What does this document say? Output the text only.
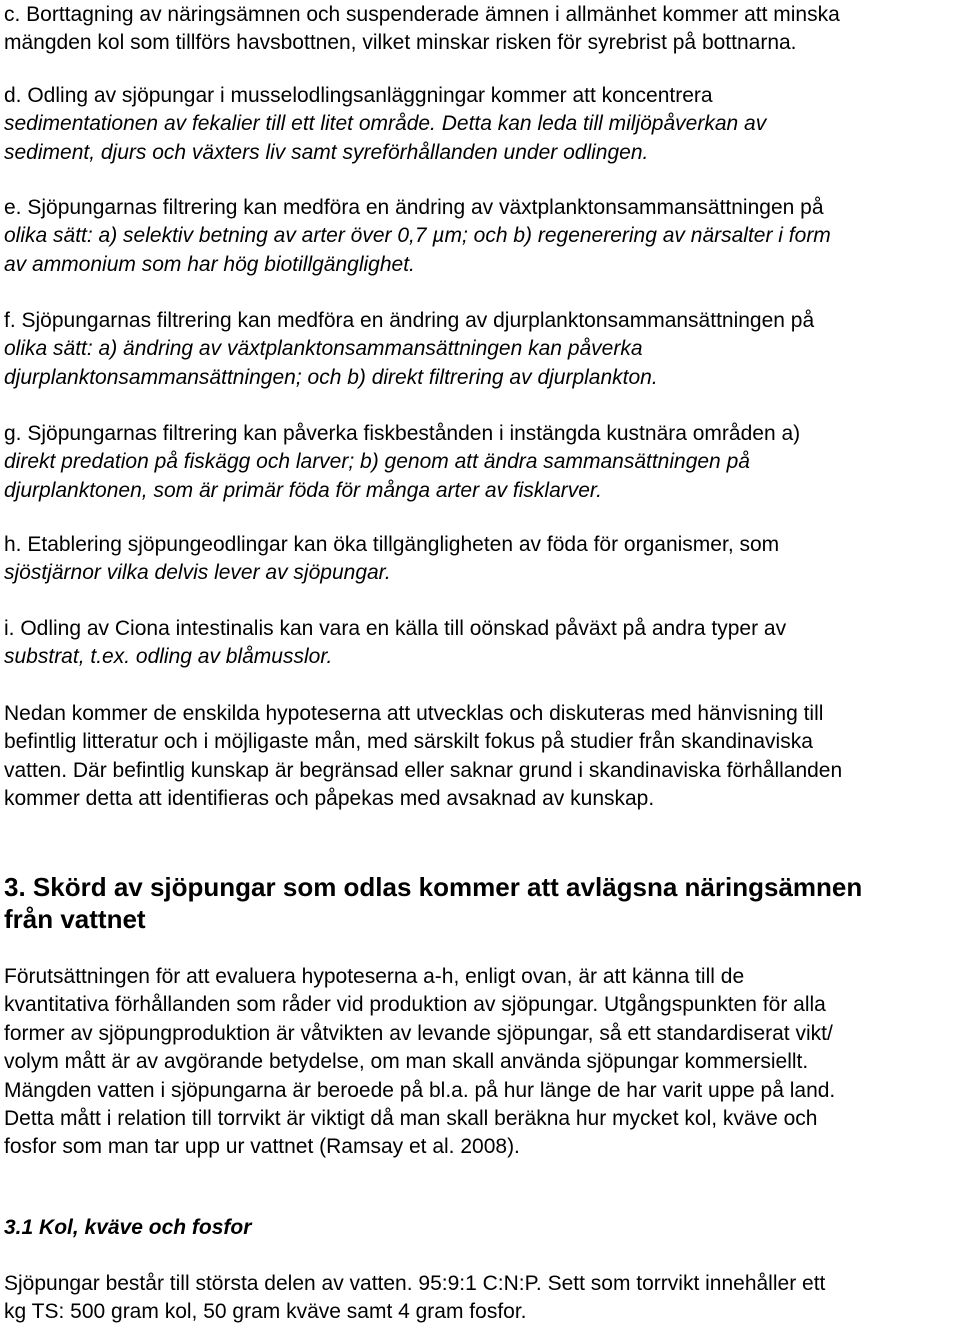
c. Borttagning av näringsämnen och suspenderade ämnen i allmänhet kommer att minska
mängden kol som tillförs havsbottnen, vilket minskar risken för syrebrist på bottnarna.
d. Odling av sjöpungar i musselodlingsanläggningar kommer att koncentrera
sedimentationen av fekalier till ett litet område. Detta kan leda till miljöpåverkan av
sediment, djurs och växters liv samt syreförhållanden under odlingen.
e. Sjöpungarnas filtrering kan medföra en ändring av växtplanktonsammansättningen på
olika sätt: a) selektiv betning av arter över 0,7 µm; och b) regenerering av närsalter i form
av ammonium som har hög biotillgänglighet.
f. Sjöpungarnas filtrering kan medföra en ändring av djurplanktonsammansättningen på
olika sätt: a) ändring av växtplanktonsammansättningen kan påverka
djurplanktonsammansättningen; och b) direkt filtrering av djurplankton.
g. Sjöpungarnas filtrering kan påverka fiskbestånden i instängda kustnära områden a)
direkt predation på fiskägg och larver; b) genom att ändra sammansättningen på
djurplanktonen, som är primär föda för många arter av fisklarver.
h. Etablering sjöpungeodlingar kan öka tillgängligheten av föda för organismer, som
sjöstjärnor vilka delvis lever av sjöpungar.
i. Odling av Ciona intestinalis kan vara en källa till oönskad påväxt på andra typer av
substrat, t.ex. odling av blåmusslor.
Nedan kommer de enskilda hypoteserna att utvecklas och diskuteras med hänvisning till
befintlig litteratur och i möjligaste mån, med särskilt fokus på studier från skandinaviska
vatten. Där befintlig kunskap är begränsad eller saknar grund i skandinaviska förhållanden
kommer detta att identifieras och påpekas med avsaknad av kunskap.
3. Skörd av sjöpungar som odlas kommer att avlägsna näringsämnen
från vattnet
Förutsättningen för att evaluera hypoteserna a-h, enligt ovan, är att känna till de
kvantitativa förhållanden som råder vid produktion av sjöpungar. Utgångspunkten för alla
former av sjöpungproduktion är våtvikten av levande sjöpungar, så ett standardiserat vikt/
volym mått är av avgörande betydelse, om man skall använda sjöpungar kommersiellt.
Mängden vatten i sjöpungarna är beroede på bl.a. på hur länge de har varit uppe på land.
Detta mått i relation till torrvikt är viktigt då man skall beräkna hur mycket kol, kväve och
fosfor som man tar upp ur vattnet (Ramsay et al. 2008).
3.1 Kol, kväve och fosfor
Sjöpungar består till största delen av vatten. 95:9:1 C:N:P. Sett som torrvikt innehåller ett
kg TS: 500 gram kol, 50 gram kväve samt 4 gram fosfor.
